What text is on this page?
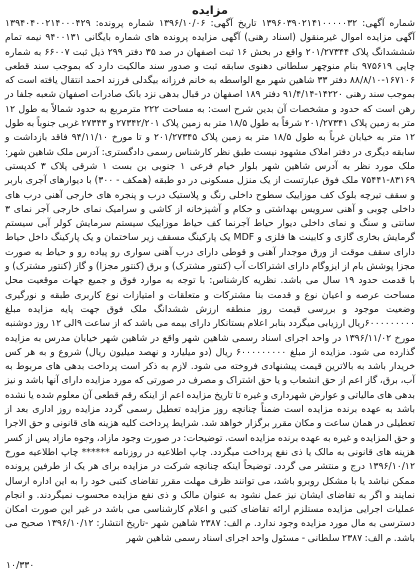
مزایده

شماره آگهی: ۱۳۹۶۰۳۹۰۲۱۴۱۰۰۰۰۰۳۲ تاریخ آگهی: ۱۳۹۶/۱۰/۰۶ شماره پرونده: ۱۳۹۴۰۴۰۰۲۱۴۰۰۰۴۲۹ آگهی مزایده اموال غیرمنقول (اسناد رهنی) آگهی مزایده پرونده های شماره بایگانی ۹۴۰۰۱۳۱ نیمه تمام شششدانگ پلاک ۲۰۱/۲۷۳۴۴ واقع در بخش ۱۶ ثبت اصفهان در صد ۳۵ دفتر ۲۹۹ ذیل ثبت ۶۶۰۰۷ به شماره چاپی ۹۷۵۶۱۹ بنام منوچهر سلطانی دهنوی سابقه ثبت و صدور سند مالکیت دارد که بموجب سند قطعی ۱۶۷۱۰۶-۸۸/۸/۱۰ دفتر ۳۳ شاهین شهر مع الواسطه به خانم فرزانه بیگدلی فرزند احمد انتقال یافته است که بموجب سند رهنی ۱۴۲۲۰-۹۱/۴/۱۴ دفتر ۱۸۹ اصفهان در قبال بدهی نزد بانک صادرات اصفهان شعبه جلفا در رهن است که حدود و مشخصات آن بدین شرح است: به مساحت ۲۲۲ مترمربع به حدود شمالاً به طول ۱۲ متر به زمین پلاک ۲۰۱/۲۷۳۴۱ شرقاً به طول ۱۸/۵ متر به زمین پلاک ۲۷۳۴۲/۲۰۱ و ۲۷۳۴۳ غربی جنوباً به طول ۱۲ متر به خیابان غرباً به طول ۱۸/۵ متر به زمین پلاک ۲۰۱/۲۷۳۴۵ و تا مورخ ۹۴/۱۱/۱۰ فاقد بازداشت و سابقه دیگری در دفتر املاک مشهود نیست طبق نظر کارشناس رسمی دادگستری: آدرس ملک شاهین شهر: ملک مورد نظر به آدرس شاهین شهر بلوار خیام فرعی ۱ جنوبی بن بست ۱ شرقی پلاک ۳ کدپستی ۸۳۱۶۹-۷۵۴۴۱ ملک فوق عبارتست از یک منزل مسکونی در دو طبقه (همکف - ۳۰۰) با دیوارهای آجری باربر و سقف تیرچه بلوک کف موزاییک سطوح داخلی رنگ و پلاستیک درب و پنجره های خارجی آهنی درب های داخلی چوبی و آهنی سرویس بهداشتی و حکام و آشپزخانه از کاشی و سرامیک نمای خارجی آجر نمای ۳ سانتی و سنگ و نمای داخلی دیوار حیاط آجرنما کف حیاط موزاییک سیستم سرمایش کولر آبی سیستم گرمایش بخاری گازی و کابینت ها فلزی و MDF یک پارکینگ مسقف زیر ساختمان و یک پارکینگ داخل حیاط دارای سقف موقت از ورق موجدار آهنی و قوطی دارای درب آهنی سواری رو پیاده رو و حیاط به صورت مجزا پوشش بام از ایزوگام دارای اشتراکات آب (کنتور مشترک) و برق (کنتور مجزا) و گاز (کنتور مشترک) و با قدمت حدود ۱۹ سال می باشد. نظریه کارشناس: با توجه به موارد فوق و جمیع جهات موقعیت محل مساحت عرصه و اعیان نوع و قدمت بنا مشترکات و متعلقات و امتیازات نوع کاربری طبقه و نورگیری وضعیت موجود و بررسی قیمت روز منطقه ارزش ششدانگ ملک فوق جهت پایه مزایده مبلغ ۶۰۰۰۰۰۰۰۰۰ریال ارزیابی میگردد بنابر اعلام بستانکار دارای بیمه می باشد که از ساعت ۹الی ۱۲ روز دوشنبه مورخ ۱۳۹۶/۱۱/۰۲ در واحد اجرای اسناد رسمی شاهین شهر واقع در شاهین شهر خیابان مدرس به مزایده گذارده می شود. مزایده از مبلغ ۶۰۰۰۰۰۰۰۰۰ ریال (دو میلیارد و نهصد میلیون ریال) شروع و به هر کس خریدار باشد به بالاترین قیمت پیشنهادی فروخته می شود. لازم به ذکر است پرداخت بدهی های مربوط به آب، برق، گاز اعم از حق انشعاب و یا حق اشتراک و مصرف در صورتی که مورد مزایده دارای آنها باشد و نیز بدهی های مالیاتی و عوارض شهرداری و غیره تا تاریخ مزایده اعم از اینکه رقم قطعی آن معلوم شده یا نشده باشد به عهده برنده مزایده است ضمناً چنانچه روز مزایده تعطیل رسمی گردد مزایده روز اداری بعد از تعطیلی در همان ساعت و مکان مقرر برگزار خواهد شد. شرایط پرداخت کلیه هزینه های قانونی و حق الاجرا و حق المزایده و غیره به عهده برنده مزایده است. توضیحات: در صورت وجود مازاد، وجوه مازاد پس از کسر هزینه های قانونی به مالک یا ذی نفع پرداخت میگردد. چاپ اطلاعیه در روزنامه ****** چاپ اطلاعیه مورخ ۱۳۹۶/۱۰/۱۲ درج و منتشر می گردد. توضیحاً اینکه چنانچه شرکت در مزایده برای هر یک از طرفین پرونده ممکن نباشد یا با مشکل روبرو باشد، می توانند ظرف مهلت مقرر تقاضای کتبی خود را به این اداره ارسال نمایند و اگر به تقاضای ایشان نیز عمل نشود به عنوان مالک و ذی نفع مزایده محسوب نمیگردند. و انجام عملیات اجرایی مزایده مستلزم ارائه تقاضای کتبی و اعلام کارشناسی می باشد در غیر این صورت امکان دسترسی به مال مورد مزایده وجود ندارد. م الف: ۲۳۸۷ شاهین شهر -تاریخ انتشار: ۱۳۹۶/۱۰/۱۲ صحیح می باشد. م الف: ۲۳۸۷ سلطانی - مسئول واحد اجرای اسناد رسمی شاهین شهر

۱۰/۳۳۰
